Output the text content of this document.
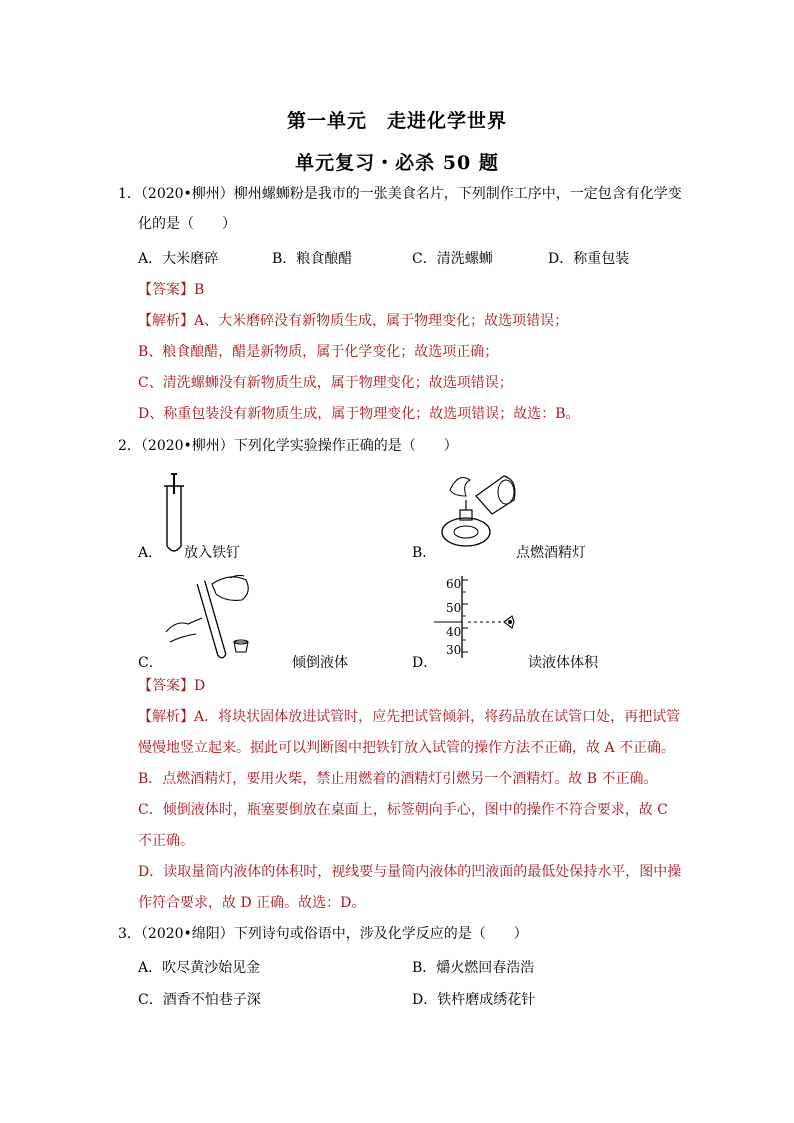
第一单元　走进化学世界
单元复习・必杀 50 题
1．（2020•柳州）柳州螺蛳粉是我市的一张美食名片，下列制作工序中，一定包含有化学变
化的是（　　）
A．大米磨碎	B．粮食酿醋	C．清洗螺蛳	D．称重包装
【答案】B
【解析】A、大米磨碎没有新物质生成，属于物理变化；故选项错误；
B、粮食酿醋，醋是新物质，属于化学变化；故选项正确；
C、清洗螺蛳没有新物质生成，属于物理变化；故选项错误；
D、称重包装没有新物质生成，属于物理变化；故选项错误；故选：B。
2．（2020•柳州）下列化学实验操作正确的是（　　）
A． 放入铁钉	B．	点燃酒精灯
C．	倾倒液体
60
50
40
30
D．	读液体体积
【答案】D
【解析】A．将块状固体放进试管时，应先把试管倾斜，将药品放在试管口处，再把试管
慢慢地竖立起来。据此可以判断图中把铁钉放入试管的操作方法不正确，故 A 不正确。
B．点燃酒精灯，要用火柴，禁止用燃着的酒精灯引燃另一个酒精灯。故 B 不正确。
C．倾倒液体时，瓶塞要倒放在桌面上，标签朝向手心，图中的操作不符合要求，故 C
不正确。
D．读取量筒内液体的体积时，视线要与量筒内液体的凹液面的最低处保持水平，图中操
作符合要求，故 D 正确。故选：D。
3．（2020•绵阳）下列诗句或俗语中，涉及化学反应的是（　　）
A．吹尽黄沙始见金	B．爝火燃回春浩浩
C．酒香不怕巷子深	D．铁杵磨成绣花针
